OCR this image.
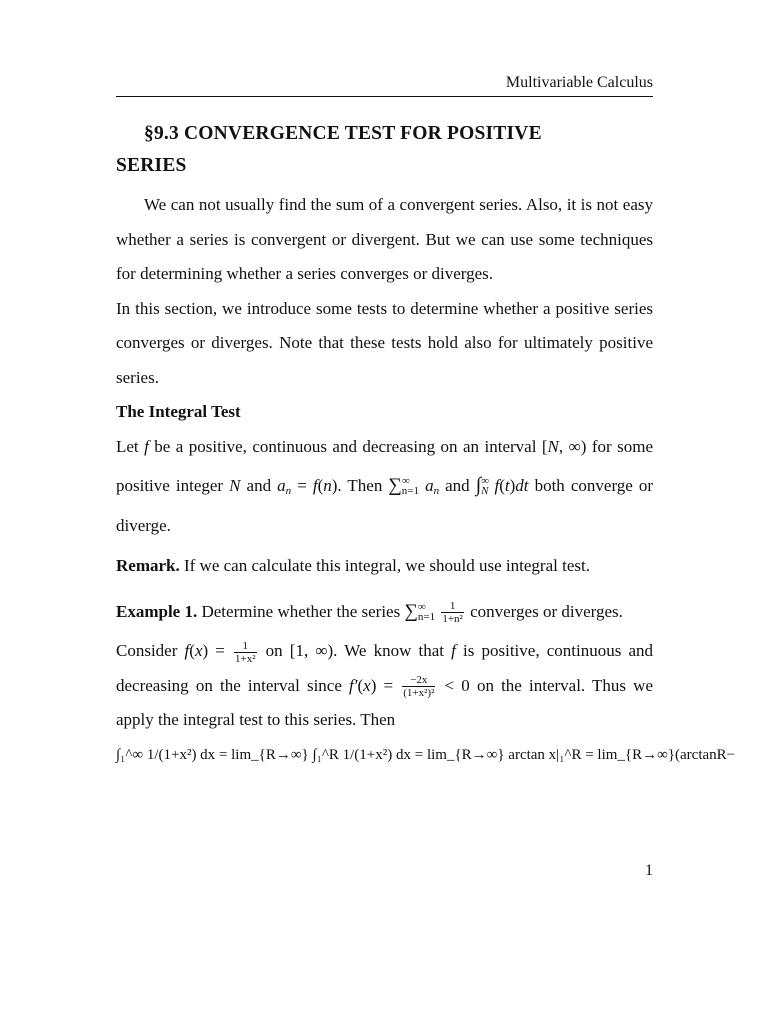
Multivariable Calculus
§9.3 CONVERGENCE TEST FOR POSITIVE
SERIES

We can not usually find the sum of a convergent series. Also, it is not easy whether a series is convergent or divergent. But we can use some techniques for determining whether a series converges or diverges.

In this section, we introduce some tests to determine whether a positive series converges or diverges. Note that these tests hold also for ultimately positive series.

The Integral Test

Let f be a positive, continuous and decreasing on an interval [N, ∞) for some positive integer N and $a_n = f(n)$. Then $\sum^\infty_{n=1}$ $a_n$ and $\int^\infty_N$ f(t)dt both converge or diverge.

Remark. If we can calculate this integral, we should use integral test.

Example 1. Determine whether the series $\sum^\infty_{n=1} \frac{1}{\text{1+n²}}$ converges or diverges.

Consider $f(x) = \frac{1}{\text{1+x²}}$ on [1, ∞). We know that f is positive, continuous and decreasing on the interval since $f'(x) = \frac{-2x}{\text{(1+x²)²}} < 0$ on the interval. Thus we apply the integral test to this series. Then

∫₁^∞ 1/(1+x²) dx = lim_{R→∞} ∫₁^R 1/(1+x²) dx = lim_{R→∞} arctan x|₁^R = lim_{R→∞}(arctanR−

1
